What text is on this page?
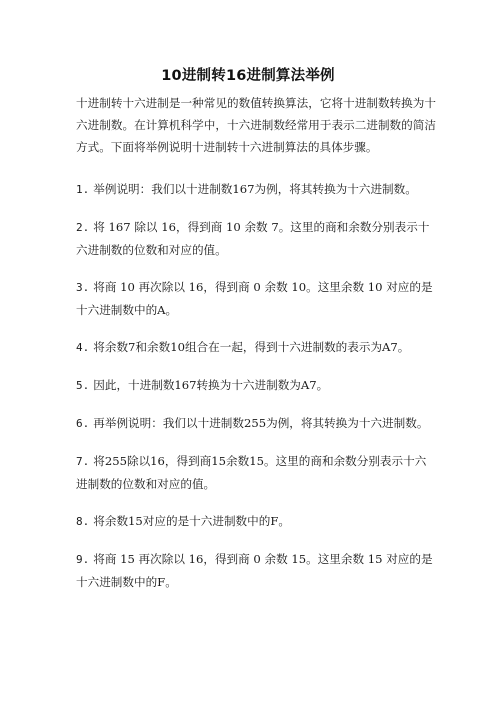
10进制转16进制算法举例
十进制转十六进制是一种常见的数值转换算法，它将十进制数转换为十六进制数。在计算机科学中，十六进制数经常用于表示二进制数的简洁方式。下面将举例说明十进制转十六进制算法的具体步骤。
1. 举例说明：我们以十进制数167为例，将其转换为十六进制数。
2. 将 167 除以 16，得到商 10 余数 7。这里的商和余数分别表示十六进制数的位数和对应的值。
3. 将商 10 再次除以 16，得到商 0 余数 10。这里余数 10 对应的是十六进制数中的A。
4. 将余数7和余数10组合在一起，得到十六进制数的表示为A7。
5. 因此，十进制数167转换为十六进制数为A7。
6. 再举例说明：我们以十进制数255为例，将其转换为十六进制数。
7. 将255除以16，得到商15余数15。这里的商和余数分别表示十六进制数的位数和对应的值。
8. 将余数15对应的是十六进制数中的F。
9. 将商 15 再次除以 16，得到商 0 余数 15。这里余数 15 对应的是十六进制数中的F。
